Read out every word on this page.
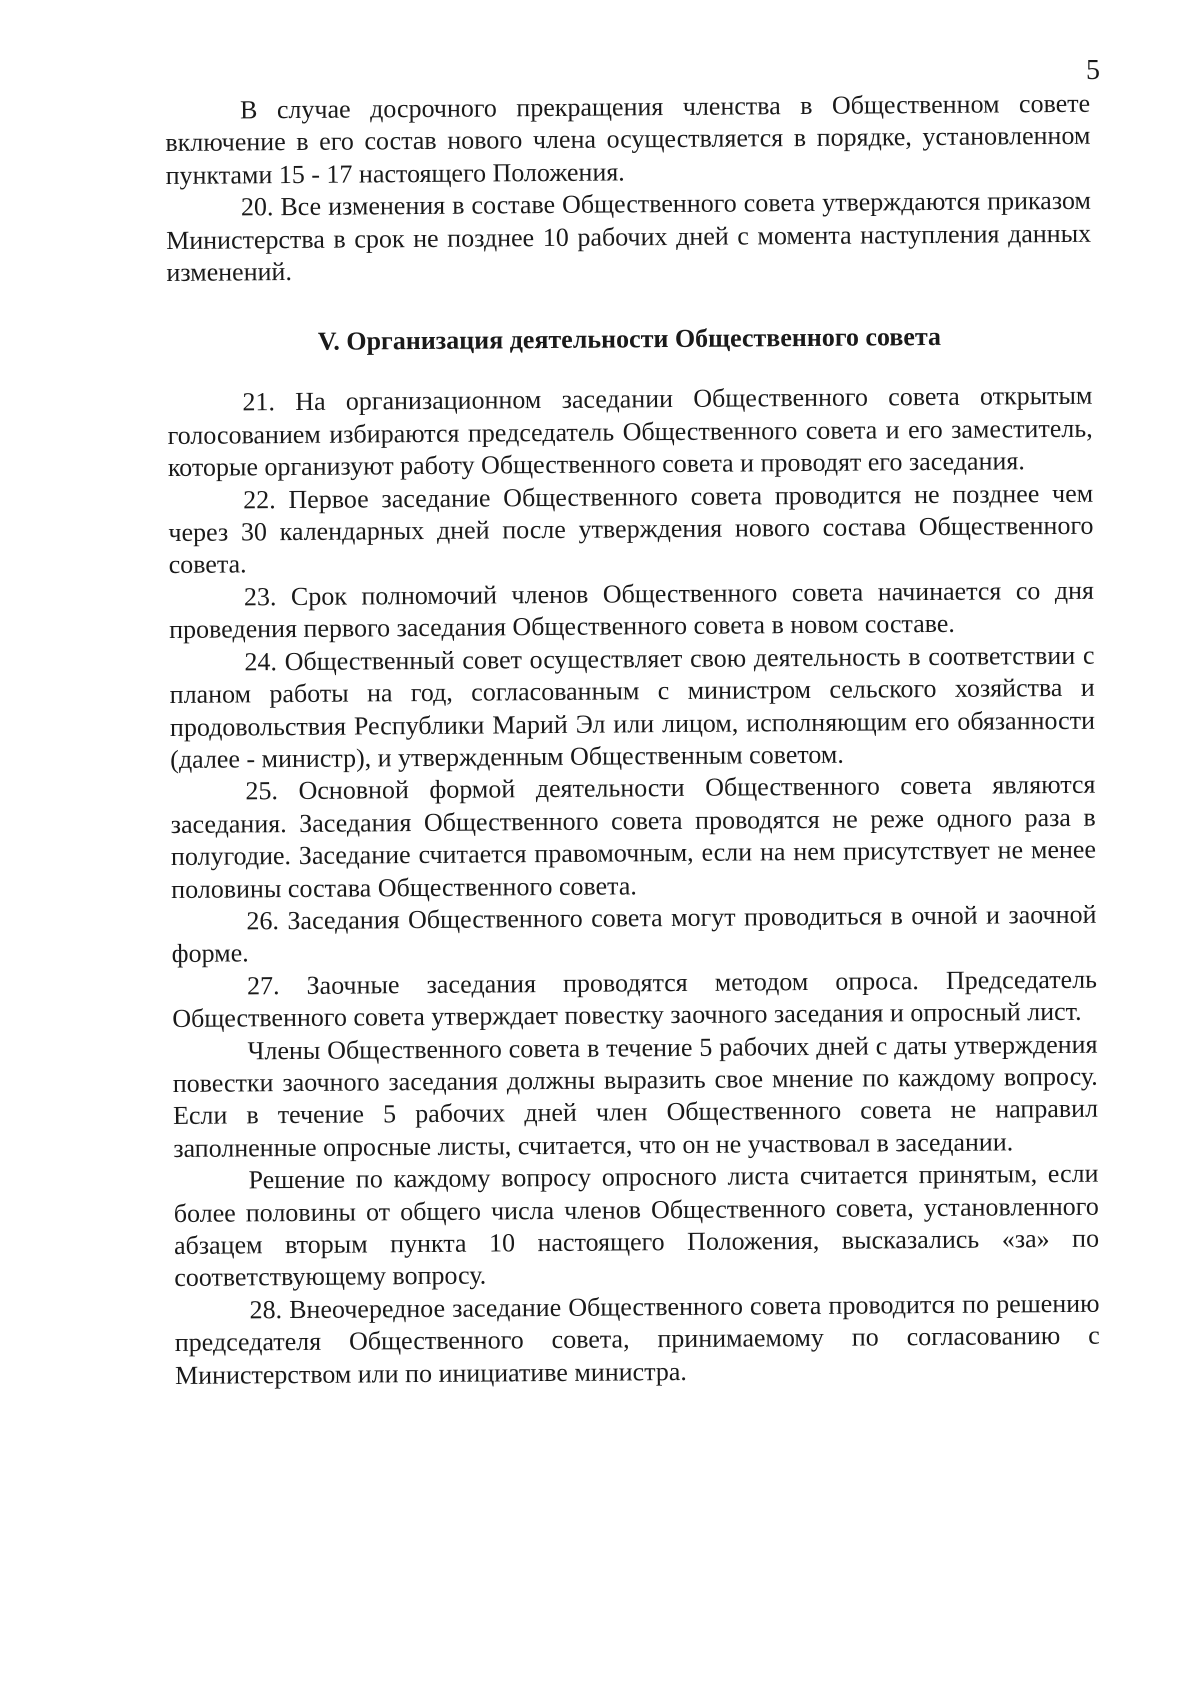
5

В случае досрочного прекращения членства в Общественном совете включение в его состав нового члена осуществляется в порядке, установленном пунктами 15 - 17 настоящего Положения.

20. Все изменения в составе Общественного совета утверждаются приказом Министерства в срок не позднее 10 рабочих дней с момента наступления данных изменений.

V. Организация деятельности Общественного совета

21. На организационном заседании Общественного совета открытым голосованием избираются председатель Общественного совета и его заместитель, которые организуют работу Общественного совета и проводят его заседания.

22. Первое заседание Общественного совета проводится не позднее чем через 30 календарных дней после утверждения нового состава Общественного совета.

23. Срок полномочий членов Общественного совета начинается со дня проведения первого заседания Общественного совета в новом составе.

24. Общественный совет осуществляет свою деятельность в соответствии с планом работы на год, согласованным с министром сельского хозяйства и продовольствия Республики Марий Эл или лицом, исполняющим его обязанности (далее - министр), и утвержденным Общественным советом.

25. Основной формой деятельности Общественного совета являются заседания. Заседания Общественного совета проводятся не реже одного раза в полугодие. Заседание считается правомочным, если на нем присутствует не менее половины состава Общественного совета.

26. Заседания Общественного совета могут проводиться в очной и заочной форме.

27. Заочные заседания проводятся методом опроса. Председатель Общественного совета утверждает повестку заочного заседания и опросный лист.

Члены Общественного совета в течение 5 рабочих дней с даты утверждения повестки заочного заседания должны выразить свое мнение по каждому вопросу. Если в течение 5 рабочих дней член Общественного совета не направил заполненные опросные листы, считается, что он не участвовал в заседании.

Решение по каждому вопросу опросного листа считается принятым, если более половины от общего числа членов Общественного совета, установленного абзацем вторым пункта 10 настоящего Положения, высказались «за» по соответствующему вопросу.

28. Внеочередное заседание Общественного совета проводится по решению председателя Общественного совета, принимаемому по согласованию с Министерством или по инициативе министра.
